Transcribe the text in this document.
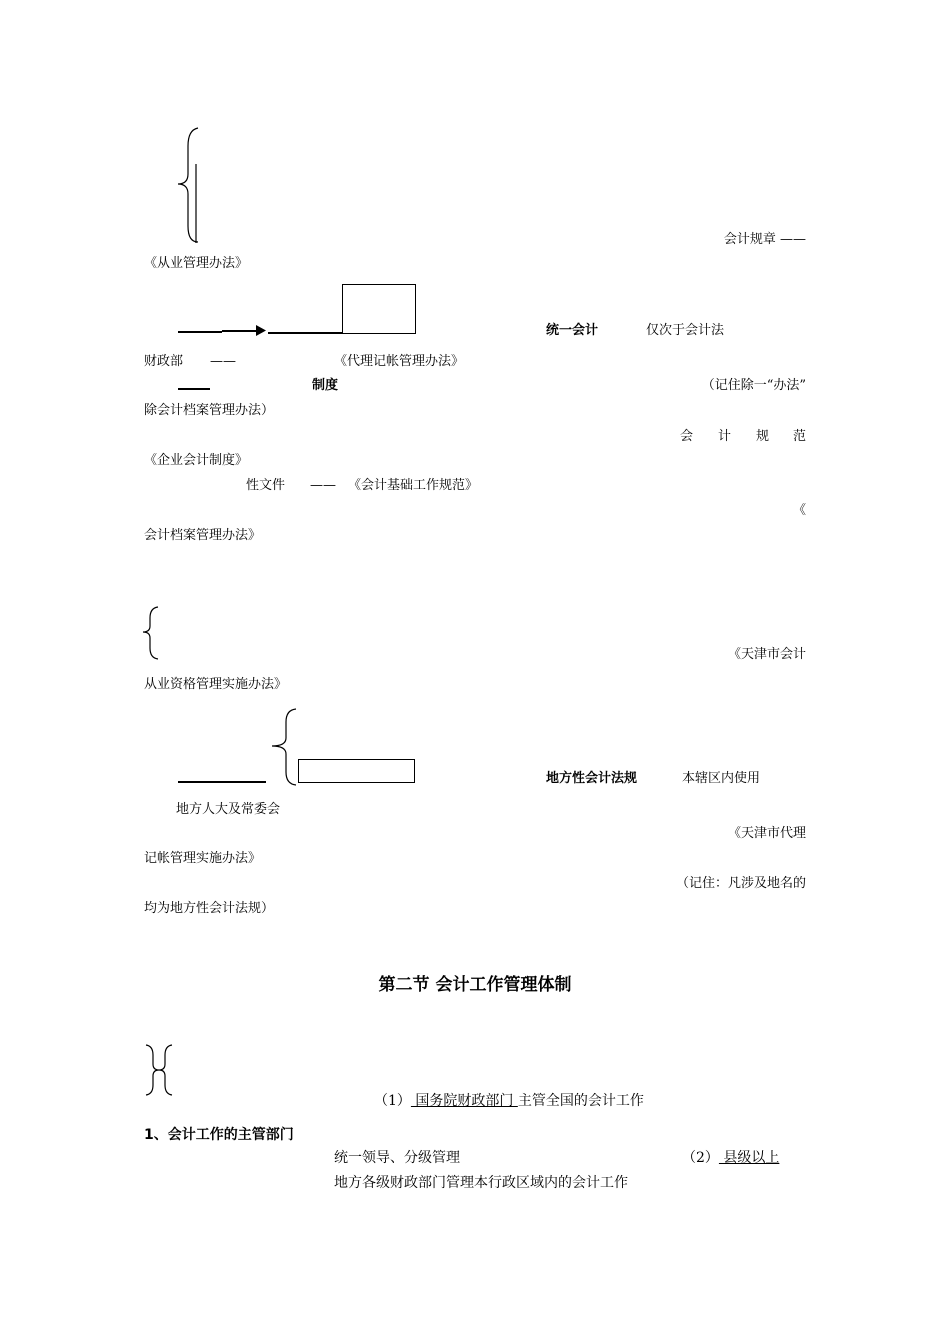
会计规章 ——
《从业管理办法》
统一会计	仅次于会计法
财政部 ——	《代理记帐管理办法》
制度	（记住除一“办法”
除会计档案管理办法）
会 计 规 范
《企业会计制度》
性文件 —— 《会计基础工作规范》
《
会计档案管理办法》
《天津市会计
从业资格管理实施办法》
地方性会计法规	本辖区内使用
地方人大及常委会
《天津市代理
记帐管理实施办法》
（记住：凡涉及地名的
均为地方性会计法规）
第二节 会计工作管理体制
（1） 国务院财政部门 主管全国的会计工作
1、会计工作的主管部门
统一领导、分级管理	（2） 县级以上
地方各级财政部门管理本行政区域内的会计工作
